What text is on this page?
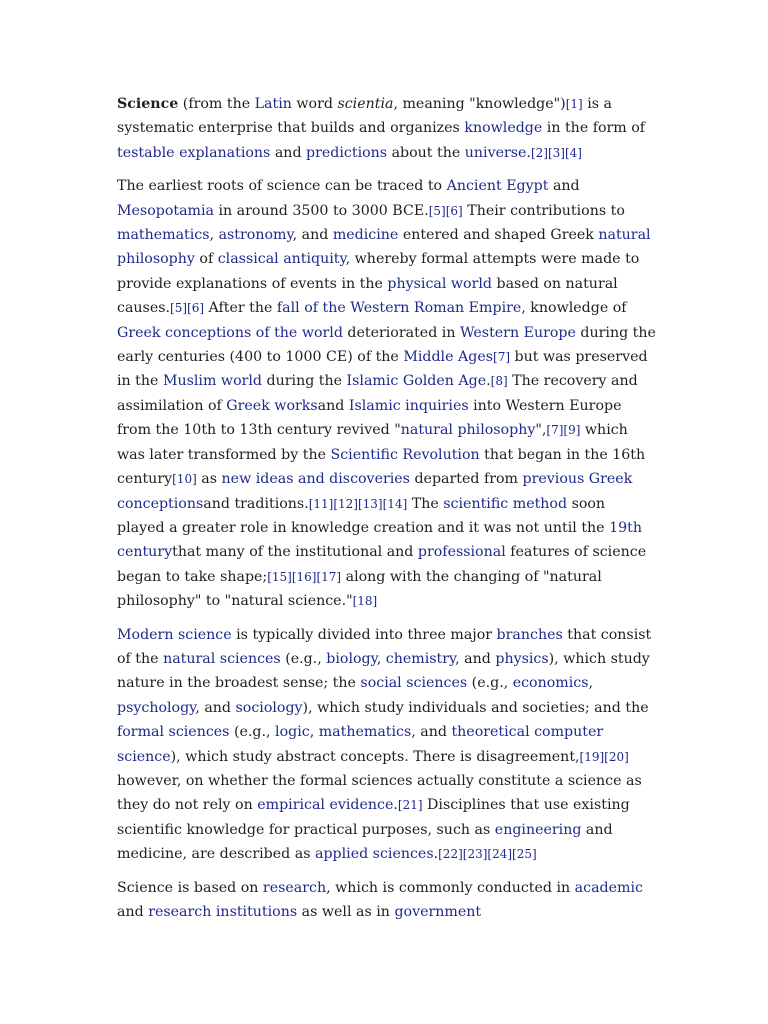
Science (from the Latin word scientia, meaning "knowledge")[1] is a systematic enterprise that builds and organizes knowledge in the form of testable explanations and predictions about the universe.[2][3][4]

The earliest roots of science can be traced to Ancient Egypt and Mesopotamia in around 3500 to 3000 BCE.[5][6] Their contributions to mathematics, astronomy, and medicine entered and shaped Greek natural philosophy of classical antiquity, whereby formal attempts were made to provide explanations of events in the physical world based on natural causes.[5][6] After the fall of the Western Roman Empire, knowledge of Greek conceptions of the world deteriorated in Western Europe during the early centuries (400 to 1000 CE) of the Middle Ages[7] but was preserved in the Muslim world during the Islamic Golden Age.[8] The recovery and assimilation of Greek worksand Islamic inquiries into Western Europe from the 10th to 13th century revived "natural philosophy",[7][9] which was later transformed by the Scientific Revolution that began in the 16th century[10] as new ideas and discoveries departed from previous Greek conceptionsand traditions.[11][12][13][14] The scientific method soon played a greater role in knowledge creation and it was not until the 19th centurythat many of the institutional and professional features of science began to take shape;[15][16][17] along with the changing of "natural philosophy" to "natural science."[18]

Modern science is typically divided into three major branches that consist of the natural sciences (e.g., biology, chemistry, and physics), which study nature in the broadest sense; the social sciences (e.g., economics, psychology, and sociology), which study individuals and societies; and the formal sciences (e.g., logic, mathematics, and theoretical computer science), which study abstract concepts. There is disagreement,[19][20] however, on whether the formal sciences actually constitute a science as they do not rely on empirical evidence.[21] Disciplines that use existing scientific knowledge for practical purposes, such as engineering and medicine, are described as applied sciences.[22][23][24][25]

Science is based on research, which is commonly conducted in academic and research institutions as well as in government
